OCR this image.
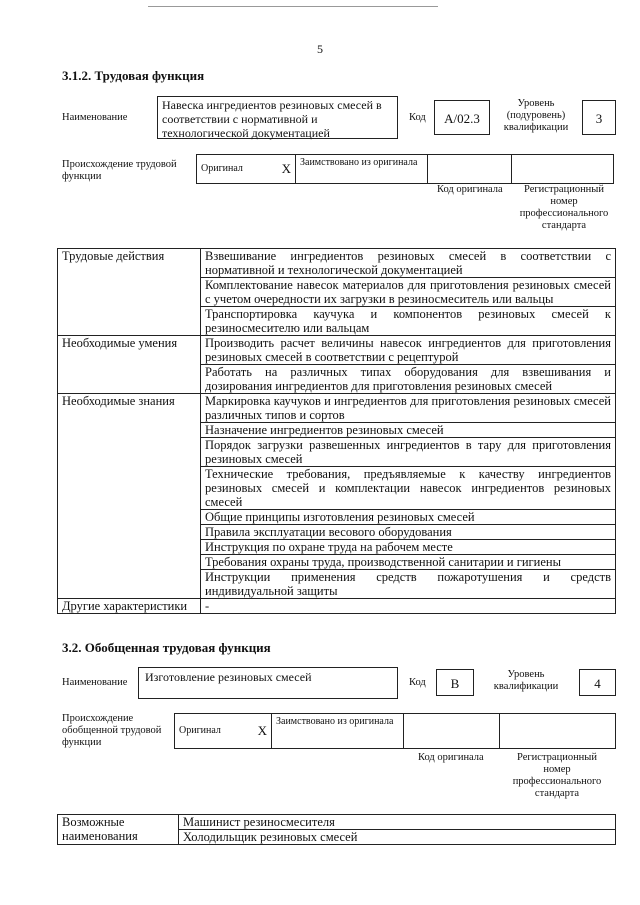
5
3.1.2. Трудовая функция
Наименование
Навеска ингредиентов резиновых смесей в соответствии с нормативной и технологической документацией
Код	A/02.3
Уровень (подуровень) квалификации
3
Происхождение трудовой функции
Оригинал	X Заимствовано из оригинала
Код оригинала	Регистрационный номер профессионального стандарта
Трудовые действия	Взвешивание ингредиентов резиновых смесей в соответствии с нормативной и технологической документацией
	Комплектование навесок материалов для приготовления резиновых смесей с учетом очередности их загрузки в резиносмеситель или вальцы
	Транспортировка каучука и компонентов резиновых смесей к резиносмесителю или вальцам
Необходимые умения	Производить расчет величины навесок ингредиентов для приготовления резиновых смесей в соответствии с рецептурой
	Работать на различных типах оборудования для взвешивания и дозирования ингредиентов для приготовления резиновых смесей
Необходимые знания	Маркировка каучуков и ингредиентов для приготовления резиновых смесей различных типов и сортов
	Назначение ингредиентов резиновых смесей
	Порядок загрузки развешенных ингредиентов в тару для приготовления резиновых смесей
	Технические требования, предъявляемые к качеству ингредиентов резиновых смесей и комплектации навесок ингредиентов резиновых смесей
	Общие принципы изготовления резиновых смесей
	Правила эксплуатации весового оборудования
	Инструкция по охране труда на рабочем месте
	Требования охраны труда, производственной санитарии и гигиены
	Инструкции применения средств пожаротушения и средств индивидуальной защиты
Другие характеристики	-
3.2. Обобщенная трудовая функция
Наименование	Изготовление резиновых смесей	Код	B
Уровень квалификации	4
Происхождение обобщенной трудовой функции
Оригинал	X
Заимствовано из оригинала
Код оригинала	Регистрационный номер профессионального стандарта
Возможные наименования	Машинист резиносмесителя
Холодильщик резиновых смесей
